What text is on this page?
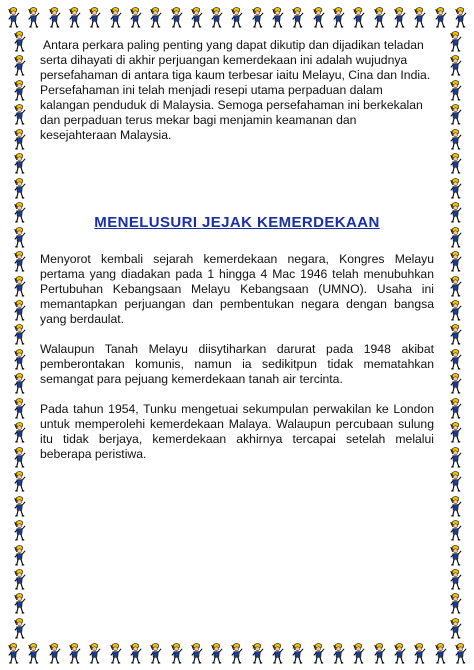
Antara perkara paling penting yang dapat dikutip dan dijadikan teladan serta dihayati di akhir perjuangan kemerdekaan ini adalah wujudnya persefahaman di antara tiga kaum terbesar iaitu Melayu, Cina dan India. Persefahaman ini telah menjadi resepi utama perpaduan dalam kalangan penduduk di Malaysia. Semoga persefahaman ini berkekalan dan perpaduan terus mekar bagi menjamin keamanan dan kesejahteraan Malaysia.

MENELUSURI JEJAK KEMERDEKAAN

Menyorot kembali sejarah kemerdekaan negara, Kongres Melayu pertama yang diadakan pada 1 hingga 4 Mac 1946 telah menubuhkan Pertubuhan Kebangsaan Melayu Kebangsaan (UMNO). Usaha ini memantapkan perjuangan dan pembentukan negara dengan bangsa yang berdaulat.

Walaupun Tanah Melayu diisytiharkan darurat pada 1948 akibat pemberontakan komunis, namun ia sedikitpun tidak mematahkan semangat para pejuang kemerdekaan tanah air tercinta.

Pada tahun 1954, Tunku mengetuai sekumpulan perwakilan ke London untuk memperolehi kemerdekaan Malaya. Walaupun percubaan sulung itu tidak berjaya, kemerdekaan akhirnya tercapai setelah melalui beberapa peristiwa.
